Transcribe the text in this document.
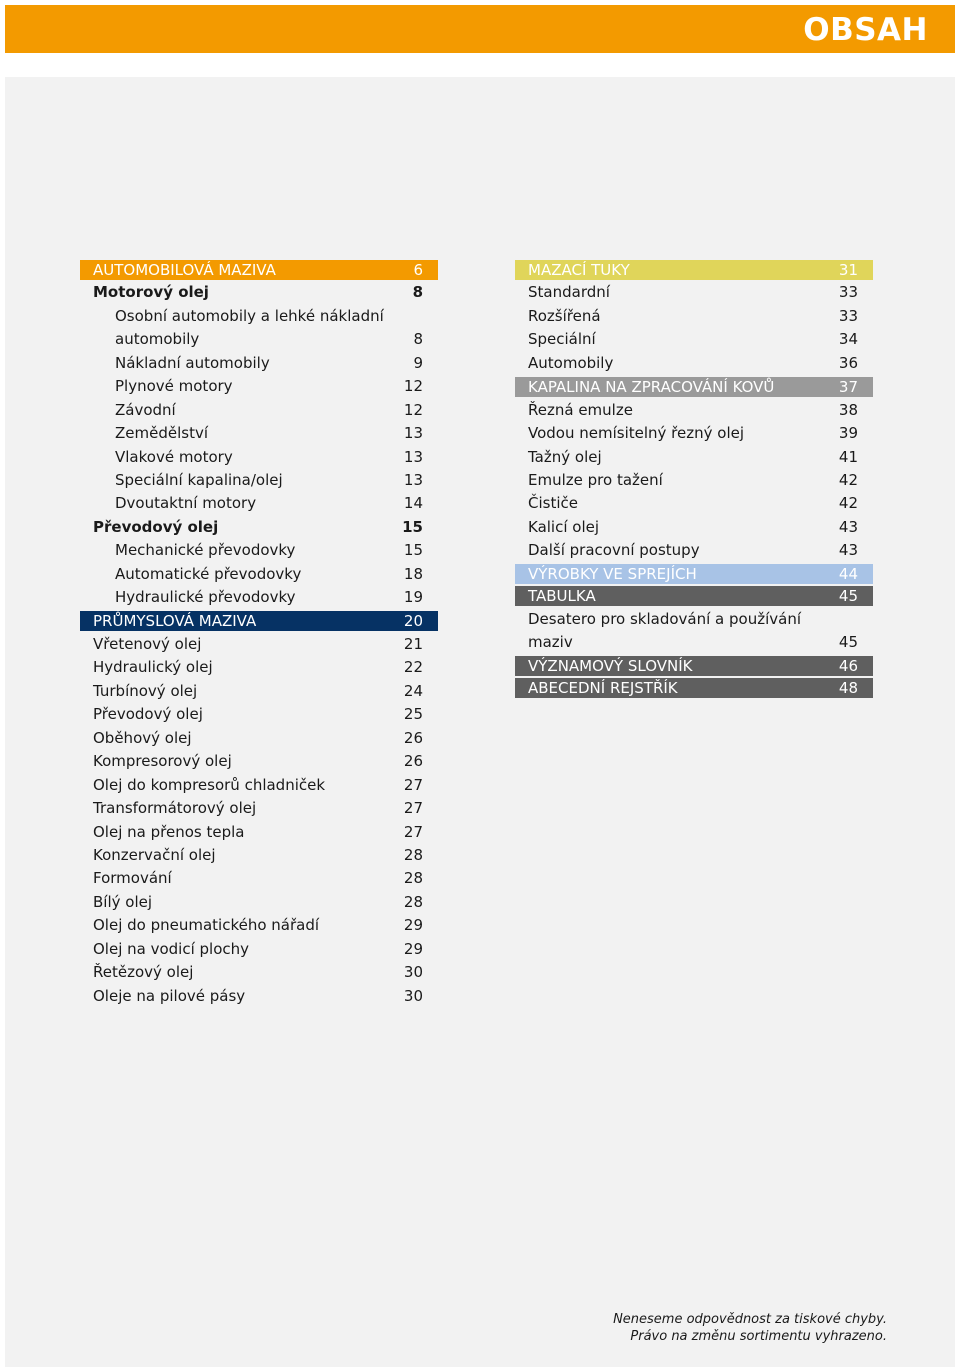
OBSAH
AUTOMOBILOVÁ MAZIVA	6
Motorový olej	8
Osobní automobily a lehké nákladní
automobily	8
Nákladní automobily	9
Plynové motory	12
Závodní	12
Zemědělství	13
Vlakové motory	13
Speciální kapalina/olej	13
Dvoutaktní motory	14
Převodový olej	15
Mechanické převodovky	15
Automatické převodovky	18
Hydraulické převodovky	19
PRŮMYSLOVÁ MAZIVA	20
Vřetenový olej	21
Hydraulický olej	22
Turbínový olej	24
Převodový olej	25
Oběhový olej	26
Kompresorový olej	26
Olej do kompresorů chladniček	27
Transformátorový olej	27
Olej na přenos tepla	27
Konzervační olej	28
Formování	28
Bílý olej	28
Olej do pneumatického nářadí	29
Olej na vodicí plochy	29
Řetězový olej	30
Oleje na pilové pásy	30
MAZACÍ TUKY	31
Standardní	33
Rozšířená	33
Speciální	34
Automobily	36
KAPALINA NA ZPRACOVÁNÍ KOVŮ	37
Řezná emulze	38
Vodou nemísitelný řezný olej	39
Tažný olej	41
Emulze pro tažení	42
Čističe	42
Kalicí olej	43
Další pracovní postupy	43
VÝROBKY VE SPREJÍCH	44
TABULKA	45
Desatero pro skladování a používání
maziv	45
VÝZNAMOVÝ SLOVNÍK	46
ABECEDNÍ REJSTŘÍK	48
Neneseme odpovědnost za tiskové chyby.
Právo na změnu sortimentu vyhrazeno.
